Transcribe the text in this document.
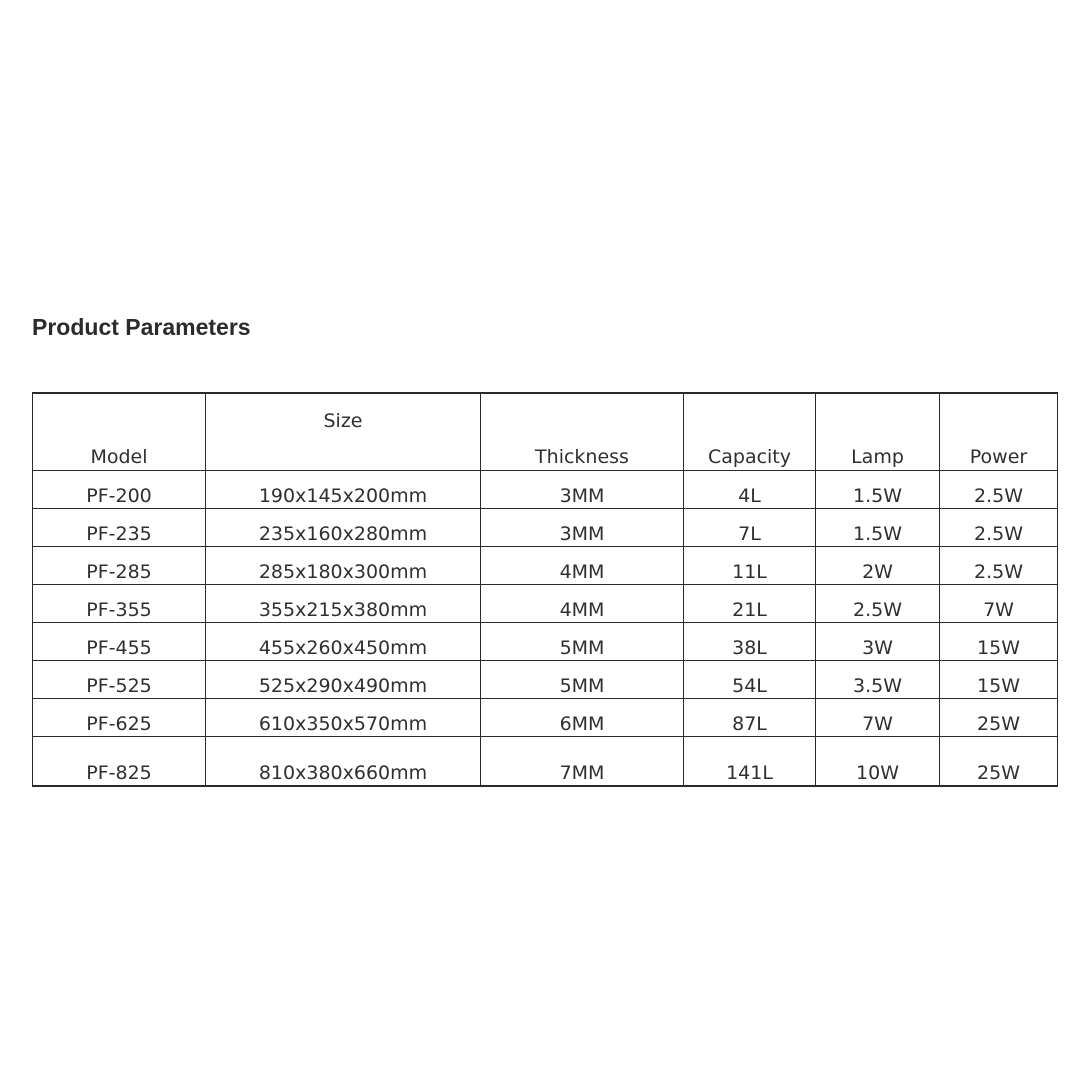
Product Parameters
Model	Size	Thickness	Capacity	Lamp	Power
PF-200	190x145x200mm	3MM	4L	1.5W	2.5W
PF-235	235x160x280mm	3MM	7L	1.5W	2.5W
PF-285	285x180x300mm	4MM	11L	2W	2.5W
PF-355	355x215x380mm	4MM	21L	2.5W	7W
PF-455	455x260x450mm	5MM	38L	3W	15W
PF-525	525x290x490mm	5MM	54L	3.5W	15W
PF-625	610x350x570mm	6MM	87L	7W	25W
PF-825	810x380x660mm	7MM	141L	10W	25W
